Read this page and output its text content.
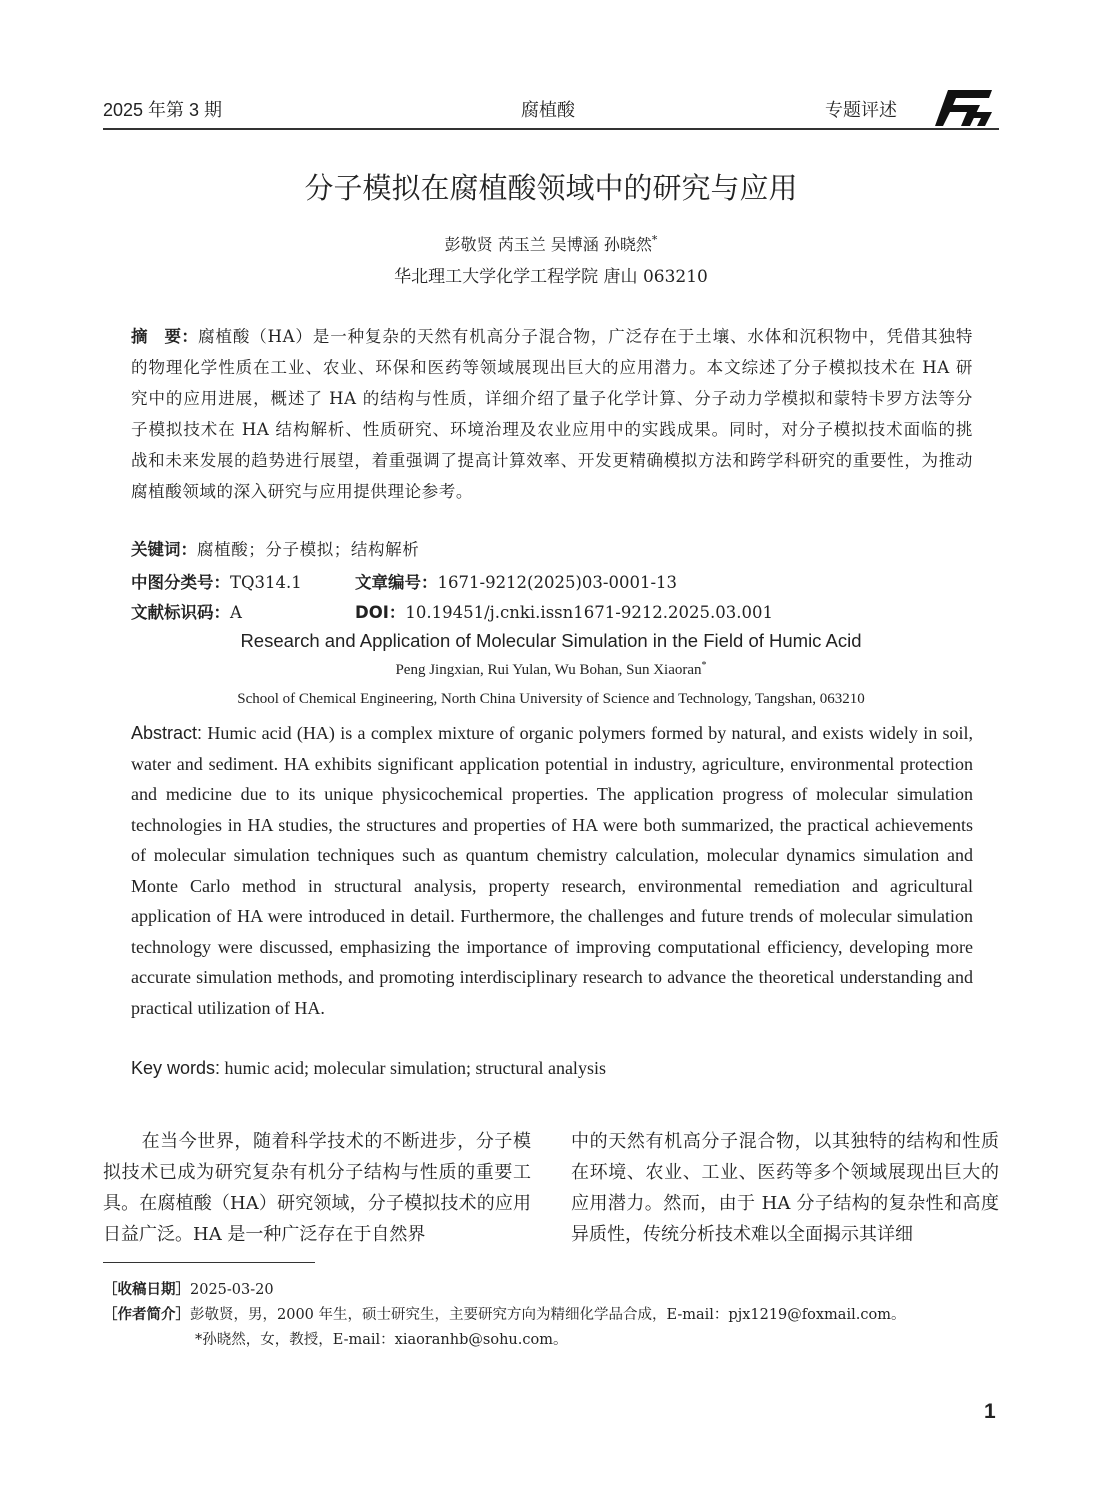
2025 年第 3 期	腐植酸	专题评述
分子模拟在腐植酸领域中的研究与应用
彭敬贤 芮玉兰 吴博涵 孙晓然*
华北理工大学化学工程学院 唐山 063210
摘　要：腐植酸（HA）是一种复杂的天然有机高分子混合物，广泛存在于土壤、水体和沉积物中，凭借其独特的物理化学性质在工业、农业、环保和医药等领域展现出巨大的应用潜力。本文综述了分子模拟技术在 HA 研究中的应用进展，概述了 HA 的结构与性质，详细介绍了量子化学计算、分子动力学模拟和蒙特卡罗方法等分子模拟技术在 HA 结构解析、性质研究、环境治理及农业应用中的实践成果。同时，对分子模拟技术面临的挑战和未来发展的趋势进行展望，着重强调了提高计算效率、开发更精确模拟方法和跨学科研究的重要性，为推动腐植酸领域的深入研究与应用提供理论参考。
关键词：腐植酸；分子模拟；结构解析
中图分类号：TQ314.1	文章编号：1671-9212(2025)03-0001-13
文献标识码：A	DOI：10.19451/j.cnki.issn1671-9212.2025.03.001
Research and Application of Molecular Simulation in the Field of Humic Acid
Peng Jingxian, Rui Yulan, Wu Bohan, Sun Xiaoran*
School of Chemical Engineering, North China University of Science and Technology, Tangshan, 063210
Abstract: Humic acid (HA) is a complex mixture of organic polymers formed by natural, and exists widely in soil, water and sediment. HA exhibits significant application potential in industry, agriculture, environmental protection and medicine due to its unique physicochemical properties. The application progress of molecular simulation technologies in HA studies, the structures and properties of HA were both summarized, the practical achievements of molecular simulation techniques such as quantum chemistry calculation, molecular dynamics simulation and Monte Carlo method in structural analysis, property research, environmental remediation and agricultural application of HA were introduced in detail. Furthermore, the challenges and future trends of molecular simulation technology were discussed, emphasizing the importance of improving computational efficiency, developing more accurate simulation methods, and promoting interdisciplinary research to advance the theoretical understanding and practical utilization of HA.
Key words: humic acid; molecular simulation; structural analysis
在当今世界，随着科学技术的不断进步，分子模拟技术已成为研究复杂有机分子结构与性质的重要工具。在腐植酸（HA）研究领域，分子模拟技术的应用日益广泛。HA 是一种广泛存在于自然界
中的天然有机高分子混合物，以其独特的结构和性质在环境、农业、工业、医药等多个领域展现出巨大的应用潜力。然而，由于 HA 分子结构的复杂性和高度异质性，传统分析技术难以全面揭示其详细
［收稿日期］2025-03-20
［作者简介］彭敬贤，男，2000 年生，硕士研究生，主要研究方向为精细化学品合成，E-mail：pjx1219@foxmail.com。
*孙晓然，女，教授，E-mail：xiaoranhb@sohu.com。
1
